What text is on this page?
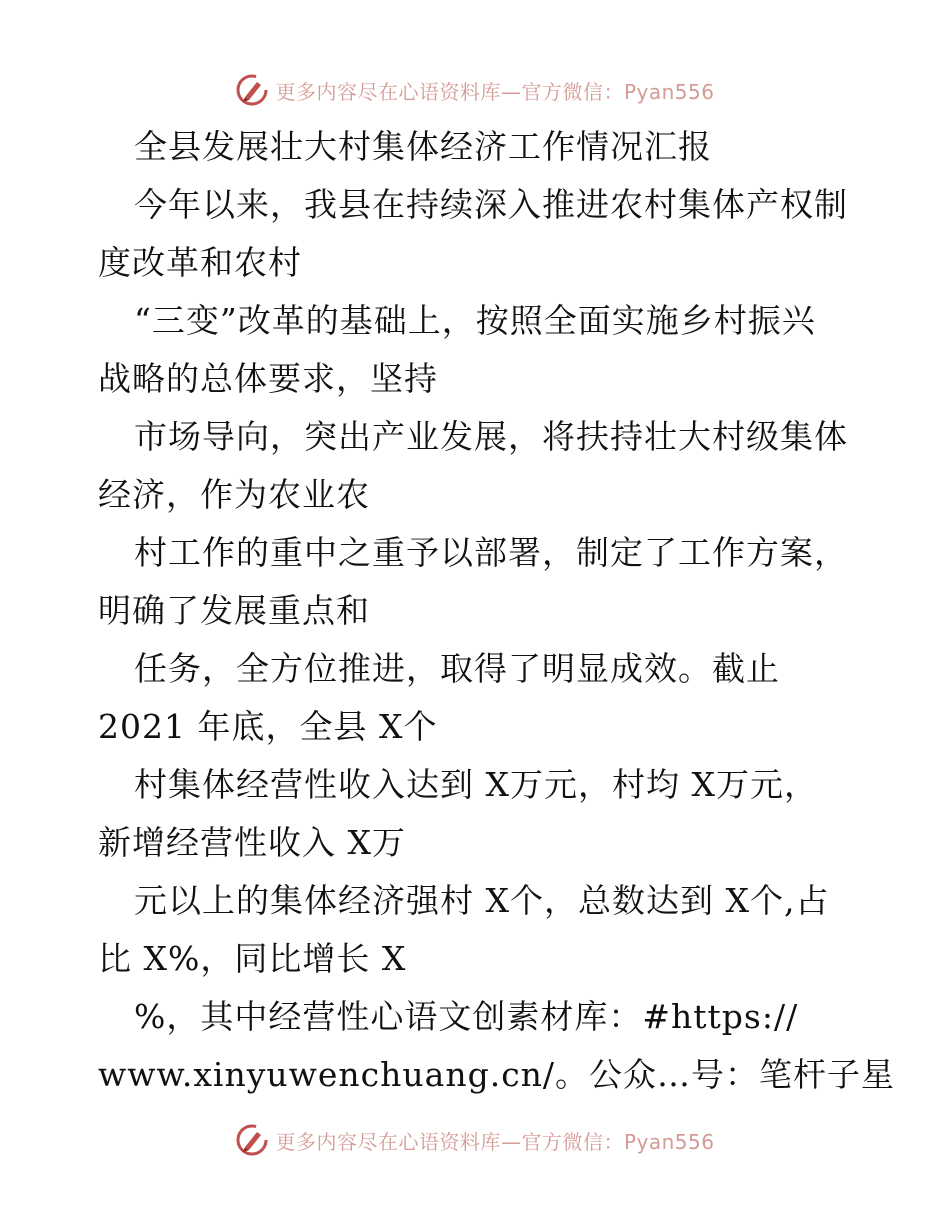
更多内容尽在心语资料库—官方微信：Pyan556
全县发展壮大村集体经济工作情况汇报
今年以来，我县在持续深入推进农村集体产权制
度改革和农村
“三变”改革的基础上，按照全面实施乡村振兴
战略的总体要求，坚持
市场导向，突出产业发展，将扶持壮大村级集体
经济，作为农业农
村工作的重中之重予以部署，制定了工作方案，
明确了发展重点和
任务，全方位推进，取得了明显成效。截止
2021 年底，全县 X个
村集体经营性收入达到 X万元，村均 X万元，
新增经营性收入 X万
元以上的集体经济强村 X个，总数达到 X个,占
比 X%，同比增长 X
%，其中经营性心语文创素材库：#https://
www.xinyuwenchuang.cn/。公众…号：笔杆子星
更多内容尽在心语资料库—官方微信：Pyan556
